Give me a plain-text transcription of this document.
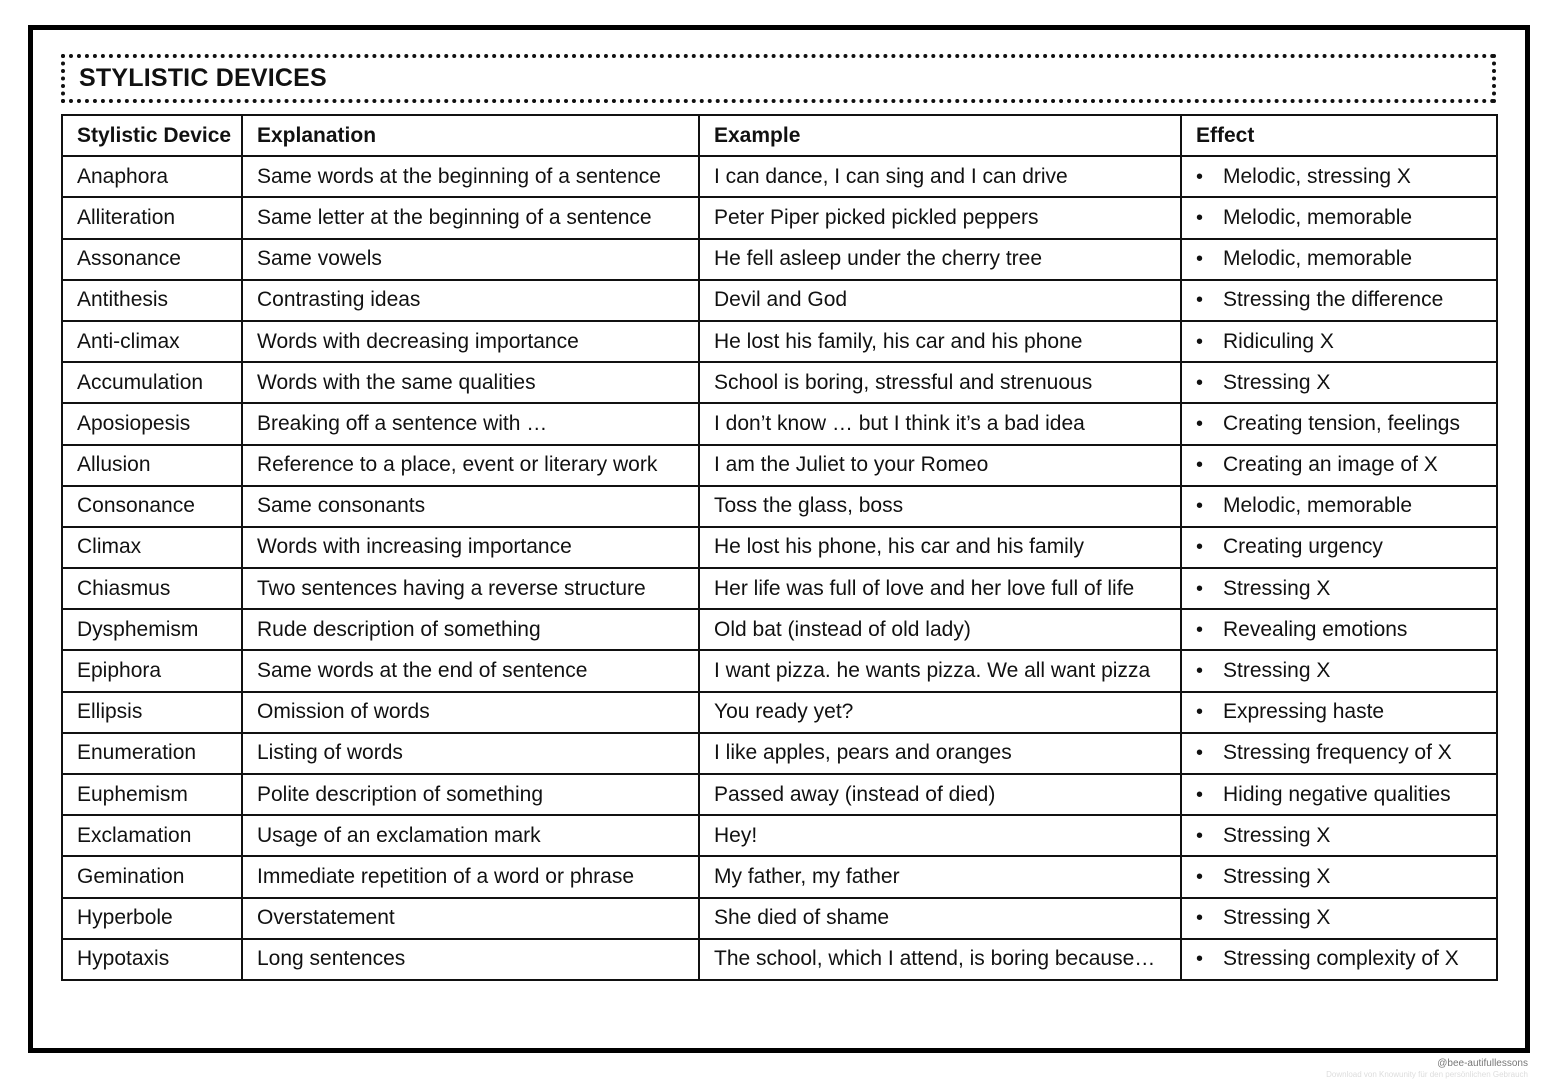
STYLISTIC DEVICES
Stylistic Device	Explanation	Example	Effect
Anaphora	Same words at the beginning of a sentence	I can dance, I can sing and I can drive	• Melodic, stressing X
Alliteration	Same letter at the beginning of a sentence	Peter Piper picked pickled peppers	• Melodic, memorable
Assonance	Same vowels	He fell asleep under the cherry tree	• Melodic, memorable
Antithesis	Contrasting ideas	Devil and God	• Stressing the difference
Anti-climax	Words with decreasing importance	He lost his family, his car and his phone	• Ridiculing X
Accumulation	Words with the same qualities	School is boring, stressful and strenuous	• Stressing X
Aposiopesis	Breaking off a sentence with …	I don’t know … but I think it’s a bad idea	• Creating tension, feelings
Allusion	Reference to a place, event or literary work	I am the Juliet to your Romeo	• Creating an image of X
Consonance	Same consonants	Toss the glass, boss	• Melodic, memorable
Climax	Words with increasing importance	He lost his phone, his car and his family	• Creating urgency
Chiasmus	Two sentences having a reverse structure	Her life was full of love and her love full of life	• Stressing X
Dysphemism	Rude description of something	Old bat (instead of old lady)	• Revealing emotions
Epiphora	Same words at the end of sentence	I want pizza. he wants pizza. We all want pizza	• Stressing X
Ellipsis	Omission of words	You ready yet?	• Expressing haste
Enumeration	Listing of words	I like apples, pears and oranges	• Stressing frequency of X
Euphemism	Polite description of something	Passed away (instead of died)	• Hiding negative qualities
Exclamation	Usage of an exclamation mark	Hey!	• Stressing X
Gemination	Immediate repetition of a word or phrase	My father, my father	• Stressing X
Hyperbole	Overstatement	She died of shame	• Stressing X
Hypotaxis	Long sentences	The school, which I attend, is boring because…	• Stressing complexity of X
@bee-autifullessons
Download von Knowunity für den persönlichen Gebrauch
